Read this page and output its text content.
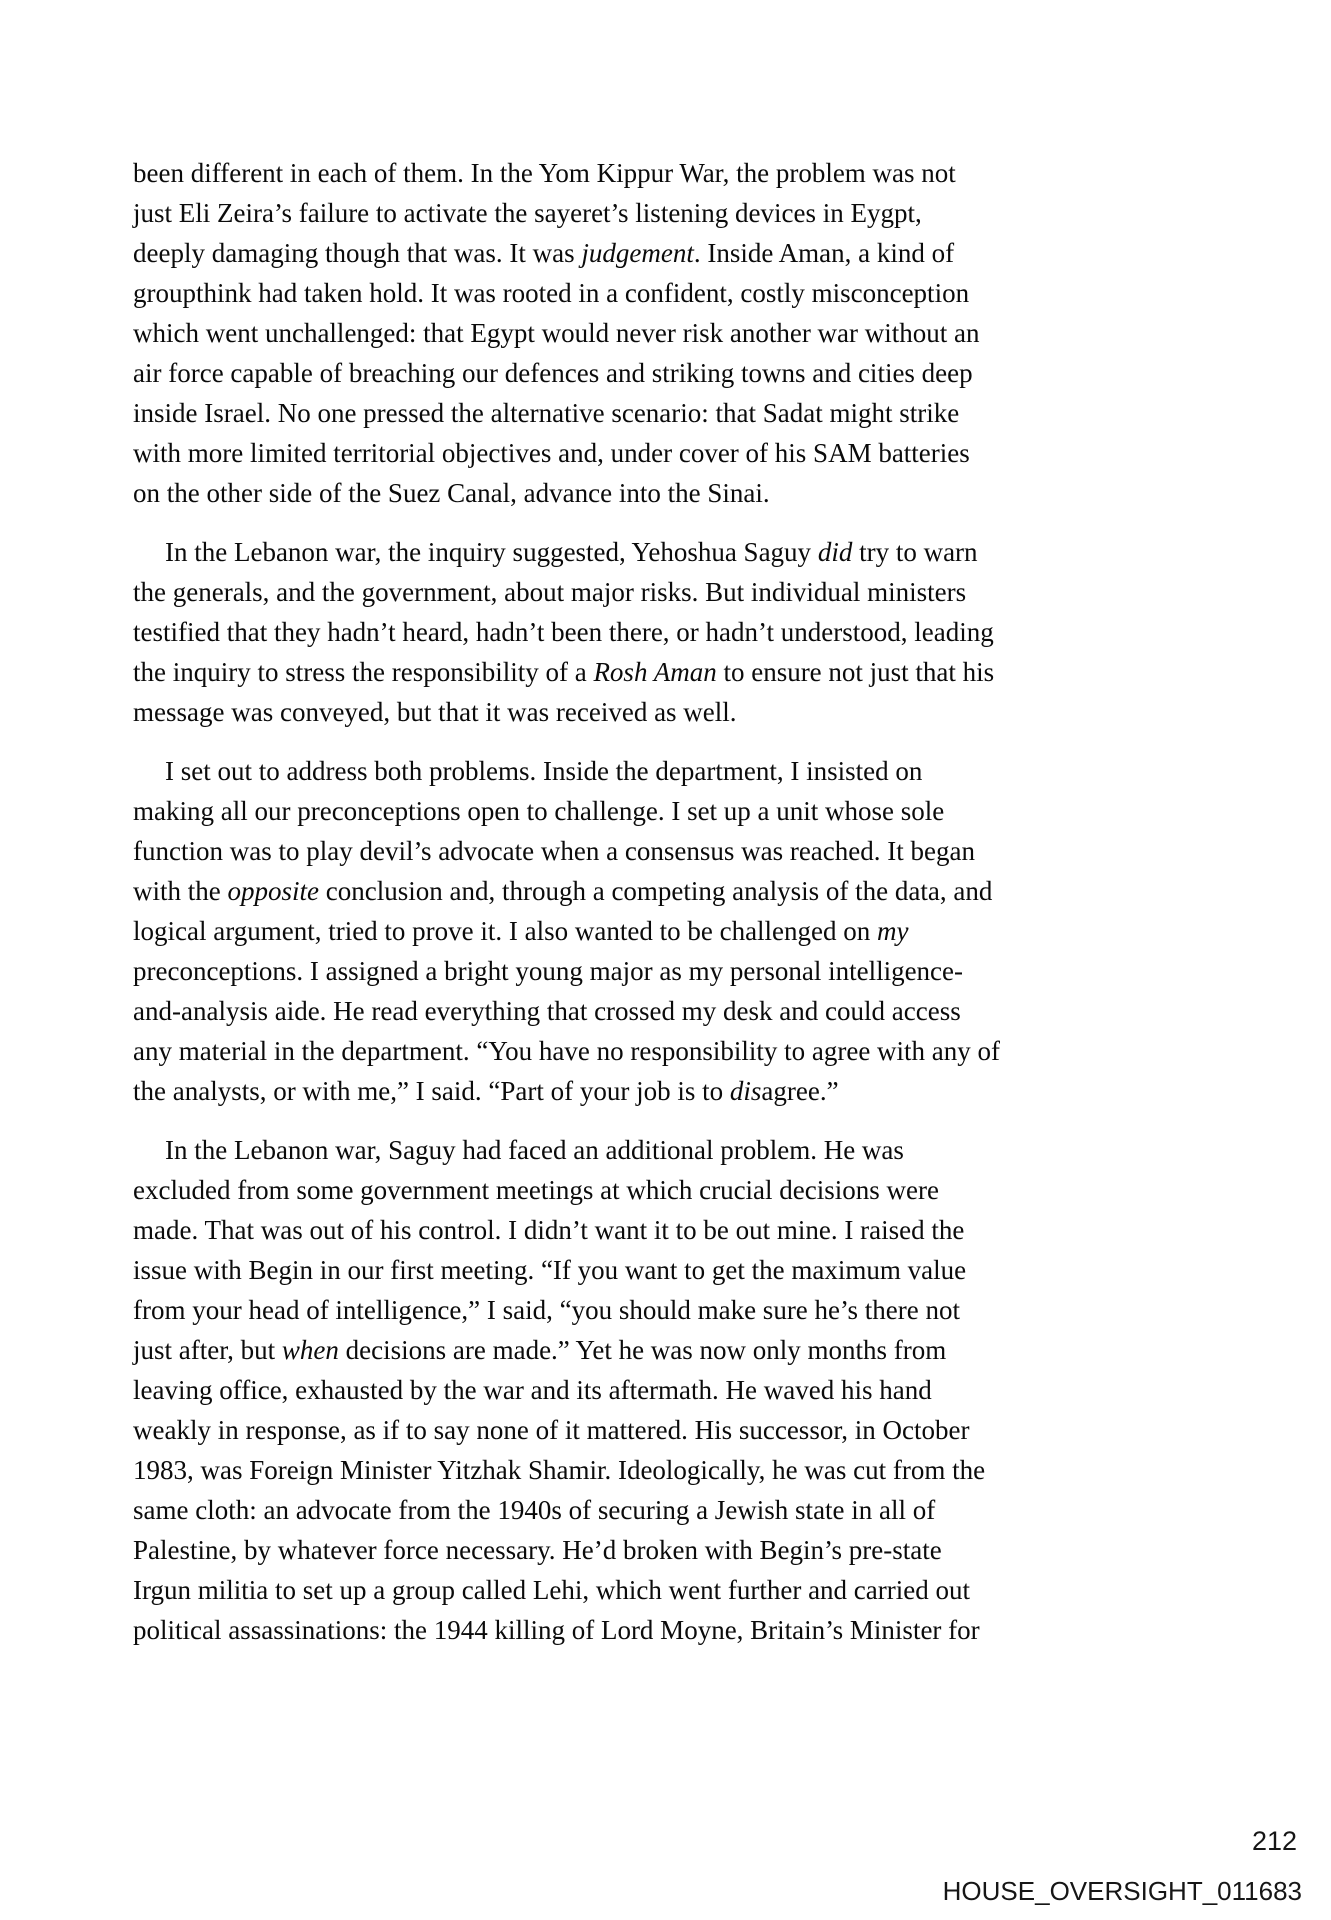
been different in each of them. In the Yom Kippur War, the problem was not
just Eli Zeira’s failure to activate the sayeret’s listening devices in Eygpt,
deeply damaging though that was. It was judgement. Inside Aman, a kind of
groupthink had taken hold. It was rooted in a confident, costly misconception
which went unchallenged: that Egypt would never risk another war without an
air force capable of breaching our defences and striking towns and cities deep
inside Israel. No one pressed the alternative scenario: that Sadat might strike
with more limited territorial objectives and, under cover of his SAM batteries
on the other side of the Suez Canal, advance into the Sinai.
In the Lebanon war, the inquiry suggested, Yehoshua Saguy did try to warn
the generals, and the government, about major risks. But individual ministers
testified that they hadn’t heard, hadn’t been there, or hadn’t understood, leading
the inquiry to stress the responsibility of a Rosh Aman to ensure not just that his
message was conveyed, but that it was received as well.
I set out to address both problems. Inside the department, I insisted on
making all our preconceptions open to challenge. I set up a unit whose sole
function was to play devil’s advocate when a consensus was reached. It began
with the opposite conclusion and, through a competing analysis of the data, and
logical argument, tried to prove it. I also wanted to be challenged on my
preconceptions. I assigned a bright young major as my personal intelligence-
and-analysis aide. He read everything that crossed my desk and could access
any material in the department. “You have no responsibility to agree with any of
the analysts, or with me,” I said. “Part of your job is to disagree.”
In the Lebanon war, Saguy had faced an additional problem. He was
excluded from some government meetings at which crucial decisions were
made. That was out of his control. I didn’t want it to be out mine. I raised the
issue with Begin in our first meeting. “If you want to get the maximum value
from your head of intelligence,” I said, “you should make sure he’s there not
just after, but when decisions are made.” Yet he was now only months from
leaving office, exhausted by the war and its aftermath. He waved his hand
weakly in response, as if to say none of it mattered. His successor, in October
1983, was Foreign Minister Yitzhak Shamir. Ideologically, he was cut from the
same cloth: an advocate from the 1940s of securing a Jewish state in all of
Palestine, by whatever force necessary. He’d broken with Begin’s pre-state
Irgun militia to set up a group called Lehi, which went further and carried out
political assassinations: the 1944 killing of Lord Moyne, Britain’s Minister for
212
HOUSE_OVERSIGHT_011683
